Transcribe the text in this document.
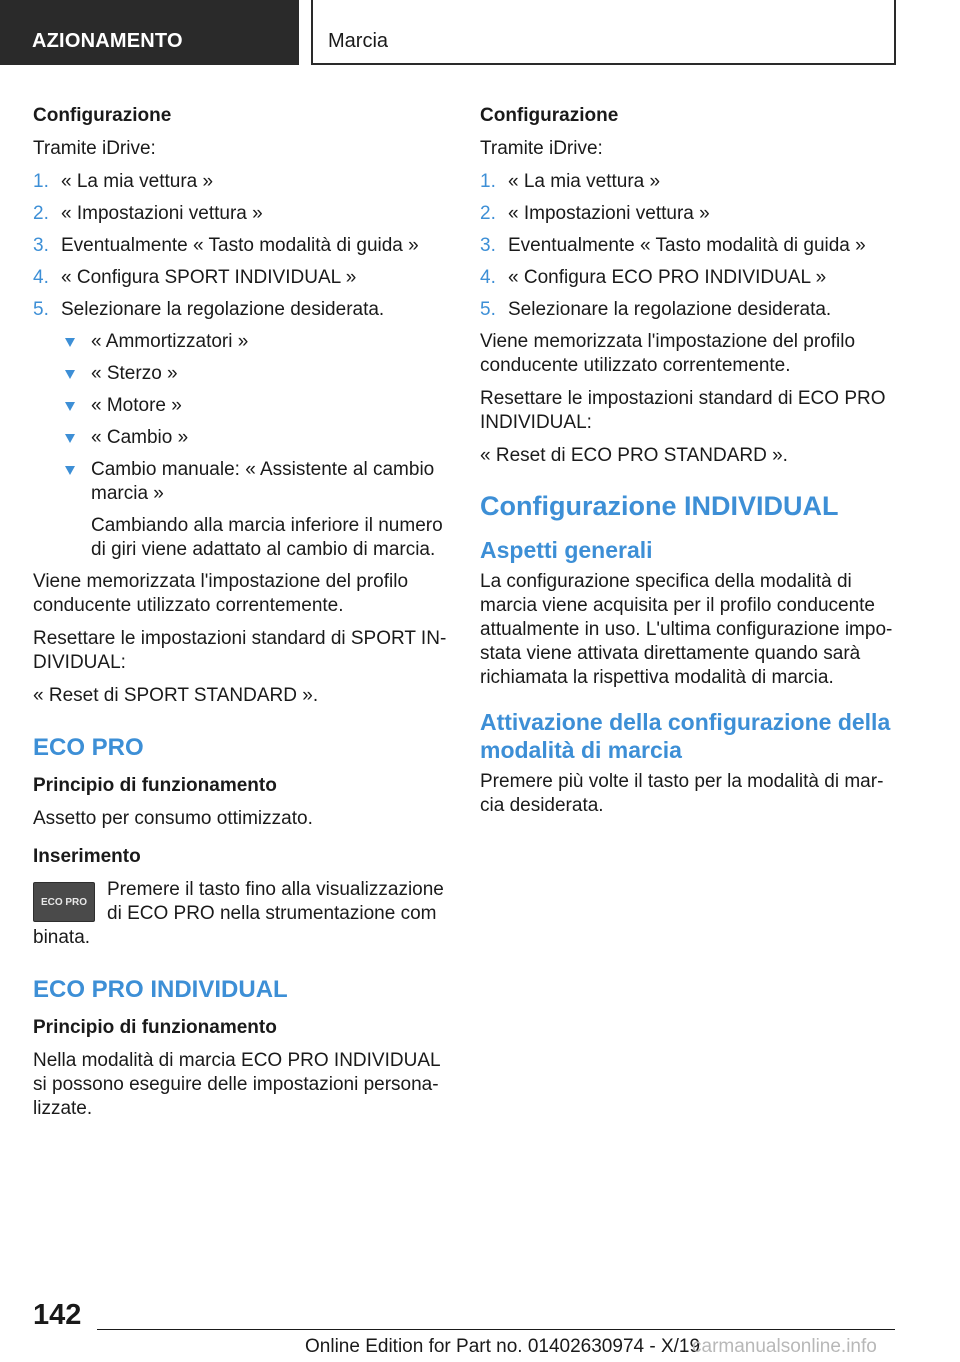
AZIONAMENTO	Marcia
Configurazione
Tramite iDrive:
1. « La mia vettura »
2. « Impostazioni vettura »
3. Eventualmente « Tasto modalità di guida »
4. « Configura SPORT INDIVIDUAL »
5. Selezionare la regolazione desiderata.
« Ammortizzatori »
« Sterzo »
« Motore »
« Cambio »
Cambio manuale: « Assistente al cambio marcia »
Cambiando alla marcia inferiore il numero di giri viene adattato al cambio di marcia.
Viene memorizzata l'impostazione del profilo conducente utilizzato correntemente.
Resettare le impostazioni standard di SPORT INDIVIDUAL:
« Reset di SPORT STANDARD ».
ECO PRO
Principio di funzionamento
Assetto per consumo ottimizzato.
Inserimento
ECO PRO
Premere il tasto fino alla visualizzazione
di ECO PRO nella strumentazione com
binata.
ECO PRO INDIVIDUAL
Principio di funzionamento
Nella modalità di marcia ECO PRO INDIVIDUAL si possono eseguire delle impostazioni personalizzate.
Configurazione
Tramite iDrive:
1. « La mia vettura »
2. « Impostazioni vettura »
3. Eventualmente « Tasto modalità di guida »
4. « Configura ECO PRO INDIVIDUAL »
5. Selezionare la regolazione desiderata.
Viene memorizzata l'impostazione del profilo conducente utilizzato correntemente.
Resettare le impostazioni standard di ECO PRO INDIVIDUAL:
« Reset di ECO PRO STANDARD ».
Configurazione INDIVIDUAL
Aspetti generali
La configurazione specifica della modalità di marcia viene acquisita per il profilo conducente attualmente in uso. L'ultima configurazione impostata viene attivata direttamente quando sarà richiamata la rispettiva modalità di marcia.
Attivazione della configurazione della modalità di marcia
Premere più volte il tasto per la modalità di marcia desiderata.
142
Online Edition for Part no. 01402630974 - X/19
carmanualsonline.info
